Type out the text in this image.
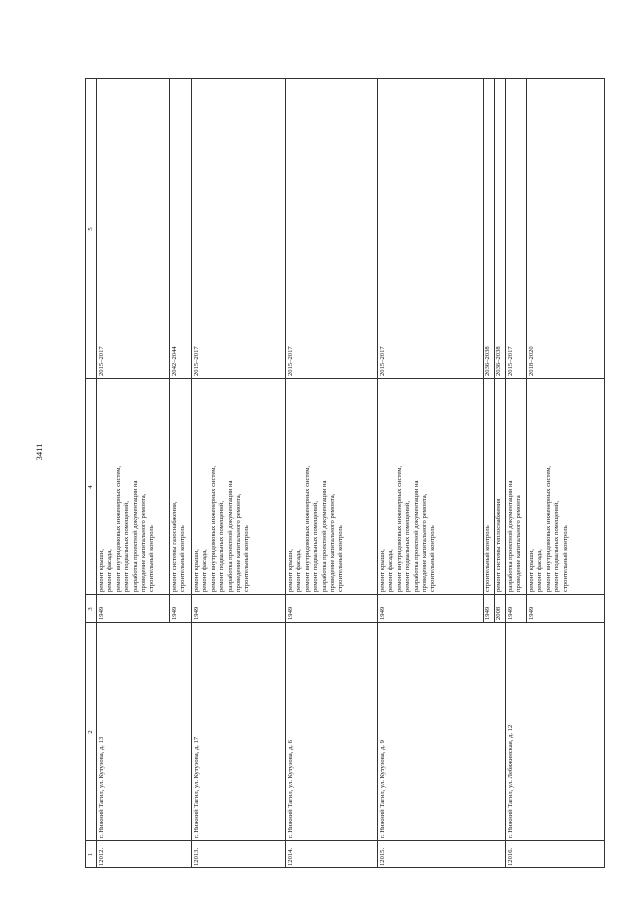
3411
1
2
3
4
5
12012.
г. Нижний Тагил, ул. Кутузова, д. 13
1949
ремонт крыши, ремонт фасада, ремонт внутридомовых инженерных систем, ремонт подвальных помещений, разработка проектной документации на проведение капитального ремонта, строительный контроль
2015–2017
1949
ремонт системы газоснабжения, строительный контроль
2042–2044
12013.
г. Нижний Тагил, ул. Кутузова, д. 17
1949
ремонт крыши, ремонт фасада, ремонт внутридомовых инженерных систем, ремонт подвальных помещений, разработка проектной документации на проведение капитального ремонта, строительный контроль
2015–2017
12014.
г. Нижний Тагил, ул. Кутузова, д. 6
1949
ремонт крыши, ремонт фасада, ремонт внутридомовых инженерных систем, ремонт подвальных помещений, разработка проектной документации на проведение капитального ремонта, строительный контроль
2015–2017
12015.
г. Нижний Тагил, ул. Кутузова, д. 9
1949
ремонт крыши, ремонт фасада, ремонт внутридомовых инженерных систем, ремонт подвальных помещений, разработка проектной документации на проведение капитального ремонта, строительный контроль
2015–2017
1949
строительный контроль
2036–2038
2008
ремонт системы теплоснабжения
2036–2038
12016.
г. Нижний Тагил, ул. Лебяжинская, д. 12
1949
разработка проектной документации на проведение капитального ремонта
2015–2017
1949
ремонт крыши, ремонт фасада, ремонт внутридомовых инженерных систем, ремонт подвальных помещений, строительный контроль
2018–2020
